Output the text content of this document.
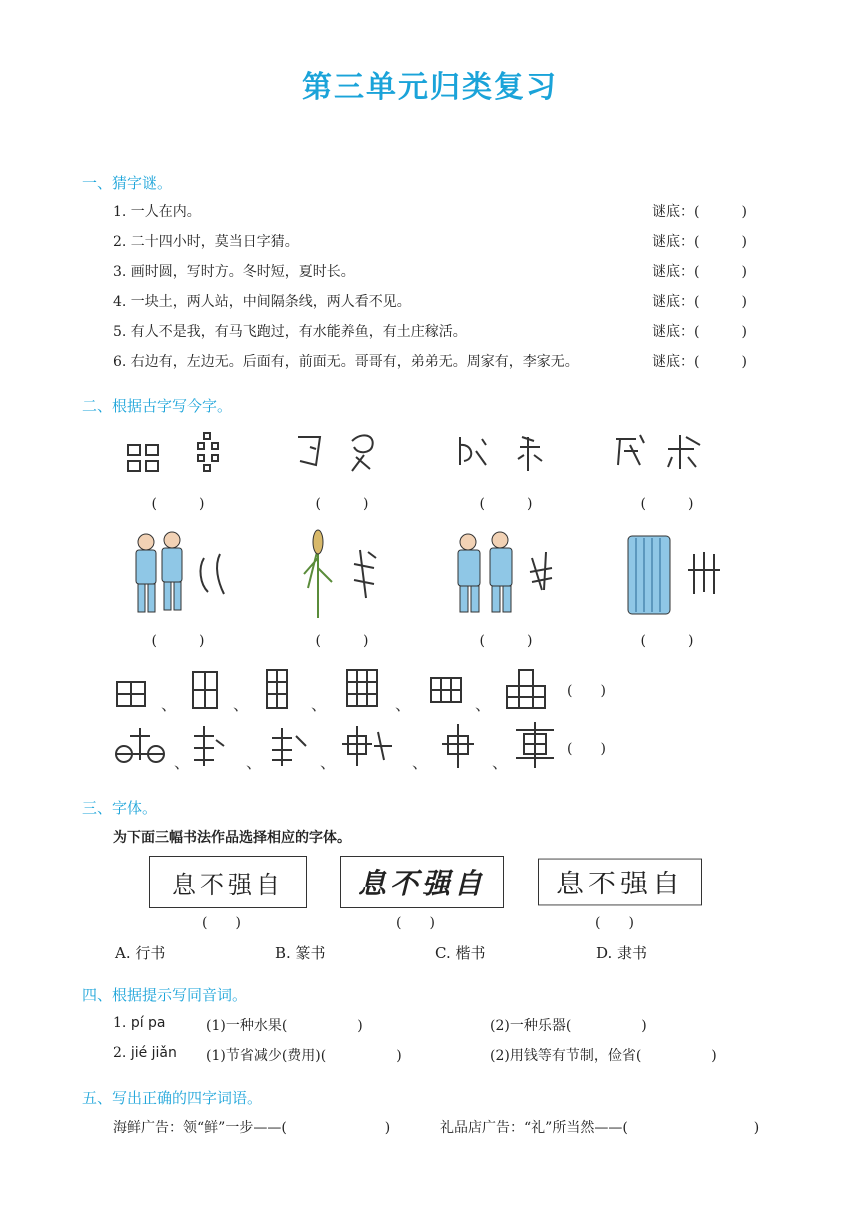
第三单元归类复习
一、猜字谜。
1. 一人在内。	谜底：(　　　)
2. 二十四小时，莫当日字猜。	谜底：(　　　)
3. 画时圆，写时方。冬时短，夏时长。	谜底：(　　　)
4. 一块土，两人站，中间隔条线，两人看不见。	谜底：(　　　)
5. 有人不是我，有马飞跑过，有水能养鱼，有土庄稼活。	谜底：(　　　)
6. 右边有，左边无。后面有，前面无。哥哥有，弟弟无。周家有，李家无。	谜底：(　　　)
二、根据古字写今字。
(　　　)	(　　　)	(　　　)	(　　　)
(　　　)	(　　　)	(　　　)	(　　　)
、	、	、	、	、
(　　)
、	、	、	、	、
(　　)
三、字体。
为下面三幅书法作品选择相应的字体。
息不强自	息不强自	息不强自
(　　)	(　　)	(　　)
A. 行书	B. 篆书	C. 楷书	D. 隶书
四、根据提示写同音词。
1. pí pa	(1)一种水果(　　　　　)	(2)一种乐器(　　　　　)
2. jié jiǎn (1)节省减少(费用)(　　　　　)	(2)用钱等有节制，俭省(　　　　　)
五、写出正确的四字词语。
海鲜广告：领“鲜”一步——(　　　　　　　)	礼品店广告：“礼”所当然——(　　　　　　　　　)
